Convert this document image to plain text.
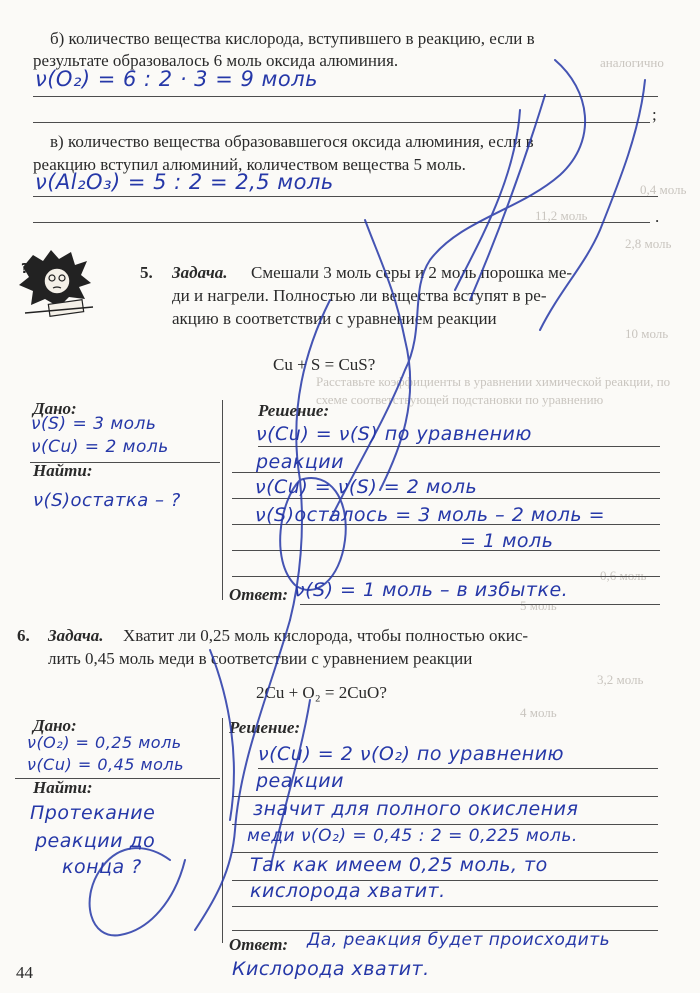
аналогично
0,4 моль
11,2 моль
2,8 моль
10 моль
Расставьте коэффициенты в уравнении химической реакции, по
схеме соответствующей подстановки по уравнению
0,6 моль
5 моль
3,2 моль
4 моль
б) количество вещества кислорода, вступившего в реакцию, если в
результате образовалось 6 моль оксида алюминия.
;
ν(O₂) = 6 : 2 · 3 = 9 моль
в) количество вещества образовавшегося оксида алюминия, если в
реакцию вступил алюминий, количеством вещества 5 моль.
.
ν(Al₂O₃) = 5 : 2 = 2,5 моль
?	5. Задача. Смешали 3 моль серы и 2 моль порошка ме-
ди и нагрели. Полностью ли вещества вступят в ре-
акцию в соответствии с уравнением реакции
Cu + S = CuS?
Дано:
ν(S) = 3 моль
ν(Cu) = 2 моль
Найти:
ν(S)остатка – ?
Решение:
ν(Cu) = ν(S) по уравнению
реакции
ν(Cu) = ν(S) = 2 моль
ν(S)осталось = 3 моль – 2 моль =
= 1 моль
Ответ: ν(S) = 1 моль – в избытке.
6. Задача. Хватит ли 0,25 моль кислорода, чтобы полностью окис-
лить 0,45 моль меди в соответствии с уравнением реакции
2Cu + O₂ = 2CuO?
Дано:
ν(O₂) = 0,25 моль
ν(Cu) = 0,45 моль
Найти:
Протекание
реакции до
конца ?
Решение:
ν(Cu) = 2 ν(O₂) по уравнению
реакции
значит для полного окисления
меди ν(O₂) = 0,45 : 2 = 0,225 моль.
Так как имеем 0,25 моль, то
кислорода хватит.
Ответ: Да, реакция будет происходить
Кислорода хватит.
44
